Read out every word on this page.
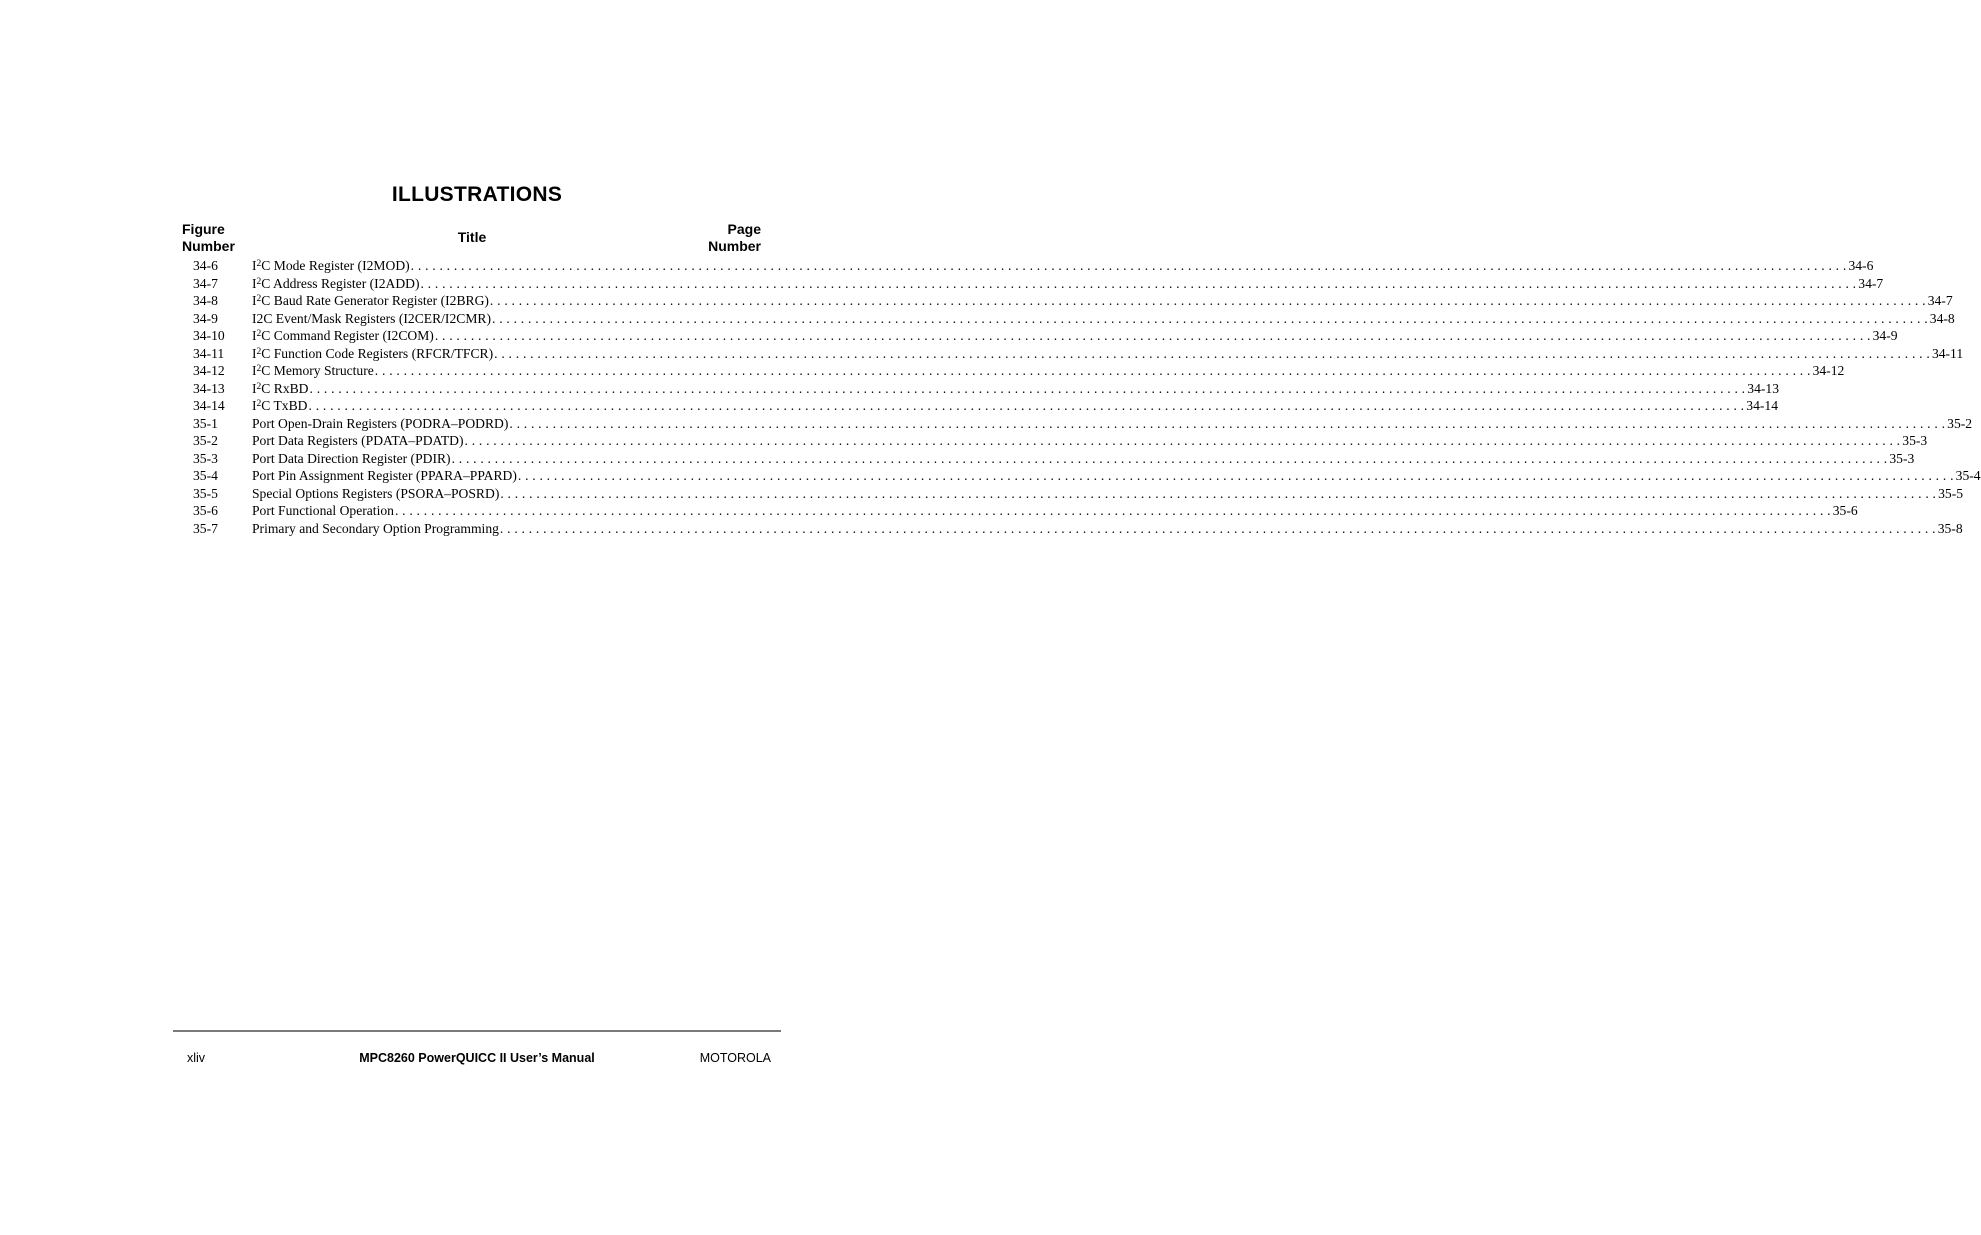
ILLUSTRATIONS
Figure
Number
Title	Page
Number
34-6	$I^2C$ Mode Register (I2MOD) . . . . . . . . . . . . . . . . . . . . . . . . . . . . . . . . . . . . . . . . . . . . . . . . . . . . . . . . . . . . . . . . . . . . . . . . . . . . . . . . . . . . . . . . . . . . . . . . . . . . . . . . . . . . . . . . . . . . . . . . . . . . . . . . . . . . . . . . . . . . . . . . . . . . . . . . . . . . . . . . . . . . . . . . . . . . . . . . . . . . . . . . . . . . . . . . . . . . . . . . 34-6
34-7	$I^2C$ Address Register (I2ADD) . . . . . . . . . . . . . . . . . . . . . . . . . . . . . . . . . . . . . . . . . . . . . . . . . . . . . . . . . . . . . . . . . . . . . . . . . . . . . . . . . . . . . . . . . . . . . . . . . . . . . . . . . . . . . . . . . . . . . . . . . . . . . . . . . . . . . . . . . . . . . . . . . . . . . . . . . . . . . . . . . . . . . . . . . . . . . . . . . . . . . . . . . . . . . . . . . . . . . . . . 34-7
34-8	$I^2C$ Baud Rate Generator Register (I2BRG) . . . . . . . . . . . . . . . . . . . . . . . . . . . . . . . . . . . . . . . . . . . . . . . . . . . . . . . . . . . . . . . . . . . . . . . . . . . . . . . . . . . . . . . . . . . . . . . . . . . . . . . . . . . . . . . . . . . . . . . . . . . . . . . . . . . . . . . . . . . . . . . . . . . . . . . . . . . . . . . . . . . . . . . . . . . . . . . . . . . . . . . . . . . . . . . . . . . . . . . . 34-7
34-9	I2C Event/Mask Registers (I2CER/I2CMR) . . . . . . . . . . . . . . . . . . . . . . . . . . . . . . . . . . . . . . . . . . . . . . . . . . . . . . . . . . . . . . . . . . . . . . . . . . . . . . . . . . . . . . . . . . . . . . . . . . . . . . . . . . . . . . . . . . . . . . . . . . . . . . . . . . . . . . . . . . . . . . . . . . . . . . . . . . . . . . . . . . . . . . . . . . . . . . . . . . . . . . . . . . . . . . . . . . . . . . . . 34-8
34-10 $I^2C$ Command Register (I2COM) . . . . . . . . . . . . . . . . . . . . . . . . . . . . . . . . . . . . . . . . . . . . . . . . . . . . . . . . . . . . . . . . . . . . . . . . . . . . . . . . . . . . . . . . . . . . . . . . . . . . . . . . . . . . . . . . . . . . . . . . . . . . . . . . . . . . . . . . . . . . . . . . . . . . . . . . . . . . . . . . . . . . . . . . . . . . . . . . . . . . . . . . . . . . . . . . . . . . . . . . 34-9
34-11 $I^2C$ Function Code Registers (RFCR/TFCR) . . . . . . . . . . . . . . . . . . . . . . . . . . . . . . . . . . . . . . . . . . . . . . . . . . . . . . . . . . . . . . . . . . . . . . . . . . . . . . . . . . . . . . . . . . . . . . . . . . . . . . . . . . . . . . . . . . . . . . . . . . . . . . . . . . . . . . . . . . . . . . . . . . . . . . . . . . . . . . . . . . . . . . . . . . . . . . . . . . . . . . . . . . . . . . . . . . . . . . . . 34-11
34-12 $I^2C$ Memory Structure . . . . . . . . . . . . . . . . . . . . . . . . . . . . . . . . . . . . . . . . . . . . . . . . . . . . . . . . . . . . . . . . . . . . . . . . . . . . . . . . . . . . . . . . . . . . . . . . . . . . . . . . . . . . . . . . . . . . . . . . . . . . . . . . . . . . . . . . . . . . . . . . . . . . . . . . . . . . . . . . . . . . . . . . . . . . . . . . . . . . . . . . . . . . . . . . . . . . . . . . 34-12
34-13 $I^2C$ RxBD . . . . . . . . . . . . . . . . . . . . . . . . . . . . . . . . . . . . . . . . . . . . . . . . . . . . . . . . . . . . . . . . . . . . . . . . . . . . . . . . . . . . . . . . . . . . . . . . . . . . . . . . . . . . . . . . . . . . . . . . . . . . . . . . . . . . . . . . . . . . . . . . . . . . . . . . . . . . . . . . . . . . . . . . . . . . . . . . . . . . . . . . . . . . . . . . . . . . . . . . 34-13
34-14 $I^2C$ TxBD . . . . . . . . . . . . . . . . . . . . . . . . . . . . . . . . . . . . . . . . . . . . . . . . . . . . . . . . . . . . . . . . . . . . . . . . . . . . . . . . . . . . . . . . . . . . . . . . . . . . . . . . . . . . . . . . . . . . . . . . . . . . . . . . . . . . . . . . . . . . . . . . . . . . . . . . . . . . . . . . . . . . . . . . . . . . . . . . . . . . . . . . . . . . . . . . . . . . . . . . 34-14
35-1	Port Open-Drain Registers (PODRA–PODRD) . . . . . . . . . . . . . . . . . . . . . . . . . . . . . . . . . . . . . . . . . . . . . . . . . . . . . . . . . . . . . . . . . . . . . . . . . . . . . . . . . . . . . . . . . . . . . . . . . . . . . . . . . . . . . . . . . . . . . . . . . . . . . . . . . . . . . . . . . . . . . . . . . . . . . . . . . . . . . . . . . . . . . . . . . . . . . . . . . . . . . . . . . . . . . . . . . . . . . . . . 35-2
35-2	Port Data Registers (PDATA–PDATD) . . . . . . . . . . . . . . . . . . . . . . . . . . . . . . . . . . . . . . . . . . . . . . . . . . . . . . . . . . . . . . . . . . . . . . . . . . . . . . . . . . . . . . . . . . . . . . . . . . . . . . . . . . . . . . . . . . . . . . . . . . . . . . . . . . . . . . . . . . . . . . . . . . . . . . . . . . . . . . . . . . . . . . . . . . . . . . . . . . . . . . . . . . . . . . . . . . . . . . . . 35-3
35-3	Port Data Direction Register (PDIR) . . . . . . . . . . . . . . . . . . . . . . . . . . . . . . . . . . . . . . . . . . . . . . . . . . . . . . . . . . . . . . . . . . . . . . . . . . . . . . . . . . . . . . . . . . . . . . . . . . . . . . . . . . . . . . . . . . . . . . . . . . . . . . . . . . . . . . . . . . . . . . . . . . . . . . . . . . . . . . . . . . . . . . . . . . . . . . . . . . . . . . . . . . . . . . . . . . . . . . . . 35-3
35-4	Port Pin Assignment Register (PPARA–PPARD) . . . . . . . . . . . . . . . . . . . . . . . . . . . . . . . . . . . . . . . . . . . . . . . . . . . . . . . . . . . . . . . . . . . . . . . . . . . . . . . . . . . . . . . . . . . . . . . . . . . . . . . . . . . . . . . . . . . . . . . . . . . . . . . . . . . . . . . . . . . . . . . . . . . . . . . . . . . . . . . . . . . . . . . . . . . . . . . . . . . . . . . . . . . . . . . . . . . . . . . . 35-4
35-5	Special Options Registers (PSORA–POSRD) . . . . . . . . . . . . . . . . . . . . . . . . . . . . . . . . . . . . . . . . . . . . . . . . . . . . . . . . . . . . . . . . . . . . . . . . . . . . . . . . . . . . . . . . . . . . . . . . . . . . . . . . . . . . . . . . . . . . . . . . . . . . . . . . . . . . . . . . . . . . . . . . . . . . . . . . . . . . . . . . . . . . . . . . . . . . . . . . . . . . . . . . . . . . . . . . . . . . . . . . 35-5
35-6	Port Functional Operation . . . . . . . . . . . . . . . . . . . . . . . . . . . . . . . . . . . . . . . . . . . . . . . . . . . . . . . . . . . . . . . . . . . . . . . . . . . . . . . . . . . . . . . . . . . . . . . . . . . . . . . . . . . . . . . . . . . . . . . . . . . . . . . . . . . . . . . . . . . . . . . . . . . . . . . . . . . . . . . . . . . . . . . . . . . . . . . . . . . . . . . . . . . . . . . . . . . . . . . . 35-6
35-7	Primary and Secondary Option Programming . . . . . . . . . . . . . . . . . . . . . . . . . . . . . . . . . . . . . . . . . . . . . . . . . . . . . . . . . . . . . . . . . . . . . . . . . . . . . . . . . . . . . . . . . . . . . . . . . . . . . . . . . . . . . . . . . . . . . . . . . . . . . . . . . . . . . . . . . . . . . . . . . . . . . . . . . . . . . . . . . . . . . . . . . . . . . . . . . . . . . . . . . . . . . . . . . . . . . . . . 35-8
xliv	MPC8260 PowerQUICC II User’s Manual	MOTOROLA
